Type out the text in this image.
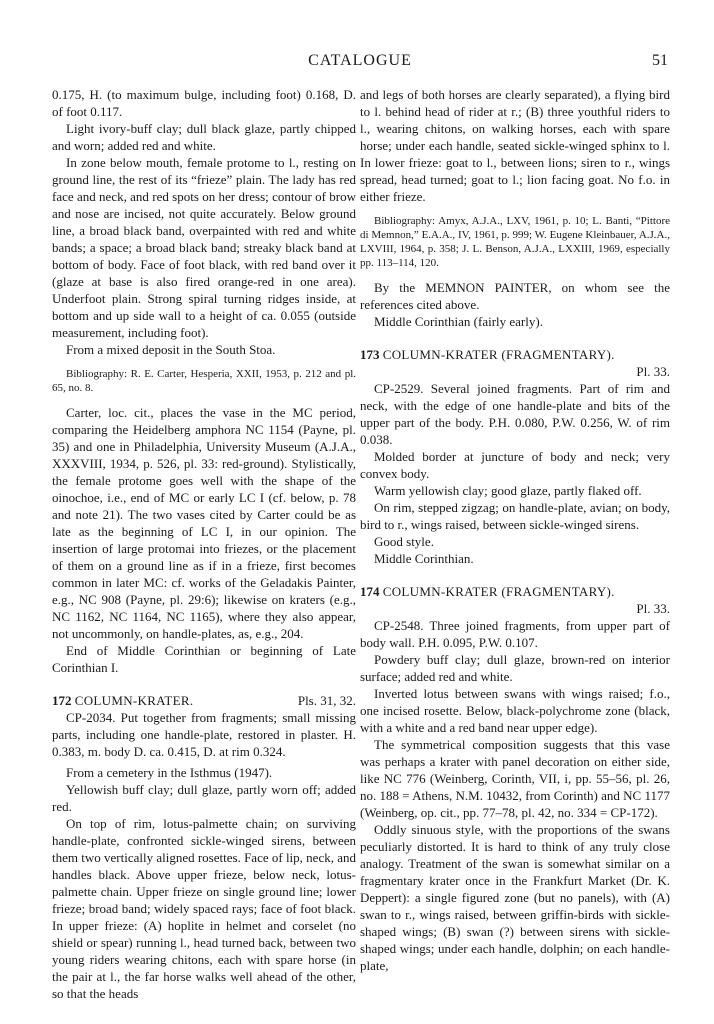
CATALOGUE	51

0.175, H. (to maximum bulge, including foot) 0.168, D. of foot 0.117.

Light ivory-buff clay; dull black glaze, partly chipped and worn; added red and white.

In zone below mouth, female protome to l., resting on ground line, the rest of its “frieze” plain. The lady has red face and neck, and red spots on her dress; contour of brow and nose are incised, not quite accurately. Below ground line, a broad black band, overpainted with red and white bands; a space; a broad black band; streaky black band at bottom of body. Face of foot black, with red band over it (glaze at base is also fired orange-red in one area). Underfoot plain. Strong spiral turning ridges inside, at bottom and up side wall to a height of ca. 0.055 (outside measurement, including foot).

From a mixed deposit in the South Stoa.

Bibliography: R. E. Carter, Hesperia, XXII, 1953, p. 212 and pl. 65, no. 8.

Carter, loc. cit., places the vase in the MC period, comparing the Heidelberg amphora NC 1154 (Payne, pl. 35) and one in Philadelphia, University Museum (A.J.A., XXXVIII, 1934, p. 526, pl. 33: red-ground). Stylistically, the female protome goes well with the shape of the oinochoe, i.e., end of MC or early LC I (cf. below, p. 78 and note 21). The two vases cited by Carter could be as late as the beginning of LC I, in our opinion. The insertion of large protomai into friezes, or the placement of them on a ground line as if in a frieze, first becomes common in later MC: cf. works of the Geladakis Painter, e.g., NC 908 (Payne, pl. 29:6); likewise on kraters (e.g., NC 1162, NC 1164, NC 1165), where they also appear, not uncommonly, on handle-plates, as, e.g., 204.

End of Middle Corinthian or beginning of Late Corinthian I.

172 COLUMN-KRATER.	Pls. 31, 32.

CP-2034. Put together from fragments; small missing parts, including one handle-plate, restored in plaster. H. 0.383, m. body D. ca. 0.415, D. at rim 0.324.

From a cemetery in the Isthmus (1947).

Yellowish buff clay; dull glaze, partly worn off; added red.

On top of rim, lotus-palmette chain; on surviving handle-plate, confronted sickle-winged sirens, between them two vertically aligned rosettes. Face of lip, neck, and handles black. Above upper frieze, below neck, lotus-palmette chain. Upper frieze on single ground line; lower frieze; broad band; widely spaced rays; face of foot black. In upper frieze: (A) hoplite in helmet and corselet (no shield or spear) running l., head turned back, between two young riders wearing chitons, each with spare horse (in the pair at l., the far horse walks well ahead of the other, so that the heads

and legs of both horses are clearly separated), a flying bird to l. behind head of rider at r.; (B) three youthful riders to l., wearing chitons, on walking horses, each with spare horse; under each handle, seated sickle-winged sphinx to l. In lower frieze: goat to l., between lions; siren to r., wings spread, head turned; goat to l.; lion facing goat. No f.o. in either frieze.

Bibliography: Amyx, A.J.A., LXV, 1961, p. 10; L. Banti, “Pittore di Memnon,” E.A.A., IV, 1961, p. 999; W. Eugene Kleinbauer, A.J.A., LXVIII, 1964, p. 358; J. L. Benson, A.J.A., LXXIII, 1969, especially pp. 113–114, 120.

By the MEMNON PAINTER, on whom see the references cited above.

Middle Corinthian (fairly early).

173 COLUMN-KRATER (FRAGMENTARY).
Pl. 33.

CP-2529. Several joined fragments. Part of rim and neck, with the edge of one handle-plate and bits of the upper part of the body. P.H. 0.080, P.W. 0.256, W. of rim 0.038.

Molded border at juncture of body and neck; very convex body.

Warm yellowish clay; good glaze, partly flaked off.

On rim, stepped zigzag; on handle-plate, avian; on body, bird to r., wings raised, between sickle-winged sirens.

Good style.

Middle Corinthian.

174 COLUMN-KRATER (FRAGMENTARY).
Pl. 33.

CP-2548. Three joined fragments, from upper part of body wall. P.H. 0.095, P.W. 0.107.

Powdery buff clay; dull glaze, brown-red on interior surface; added red and white.

Inverted lotus between swans with wings raised; f.o., one incised rosette. Below, black-polychrome zone (black, with a white and a red band near upper edge).

The symmetrical composition suggests that this vase was perhaps a krater with panel decoration on either side, like NC 776 (Weinberg, Corinth, VII, i, pp. 55–56, pl. 26, no. 188 = Athens, N.M. 10432, from Corinth) and NC 1177 (Weinberg, op. cit., pp. 77–78, pl. 42, no. 334 = CP-172).

Oddly sinuous style, with the proportions of the swans peculiarly distorted. It is hard to think of any truly close analogy. Treatment of the swan is somewhat similar on a fragmentary krater once in the Frankfurt Market (Dr. K. Deppert): a single figured zone (but no panels), with (A) swan to r., wings raised, between griffin-birds with sickle-shaped wings; (B) swan (?) between sirens with sickle-shaped wings; under each handle, dolphin; on each handle-plate,
